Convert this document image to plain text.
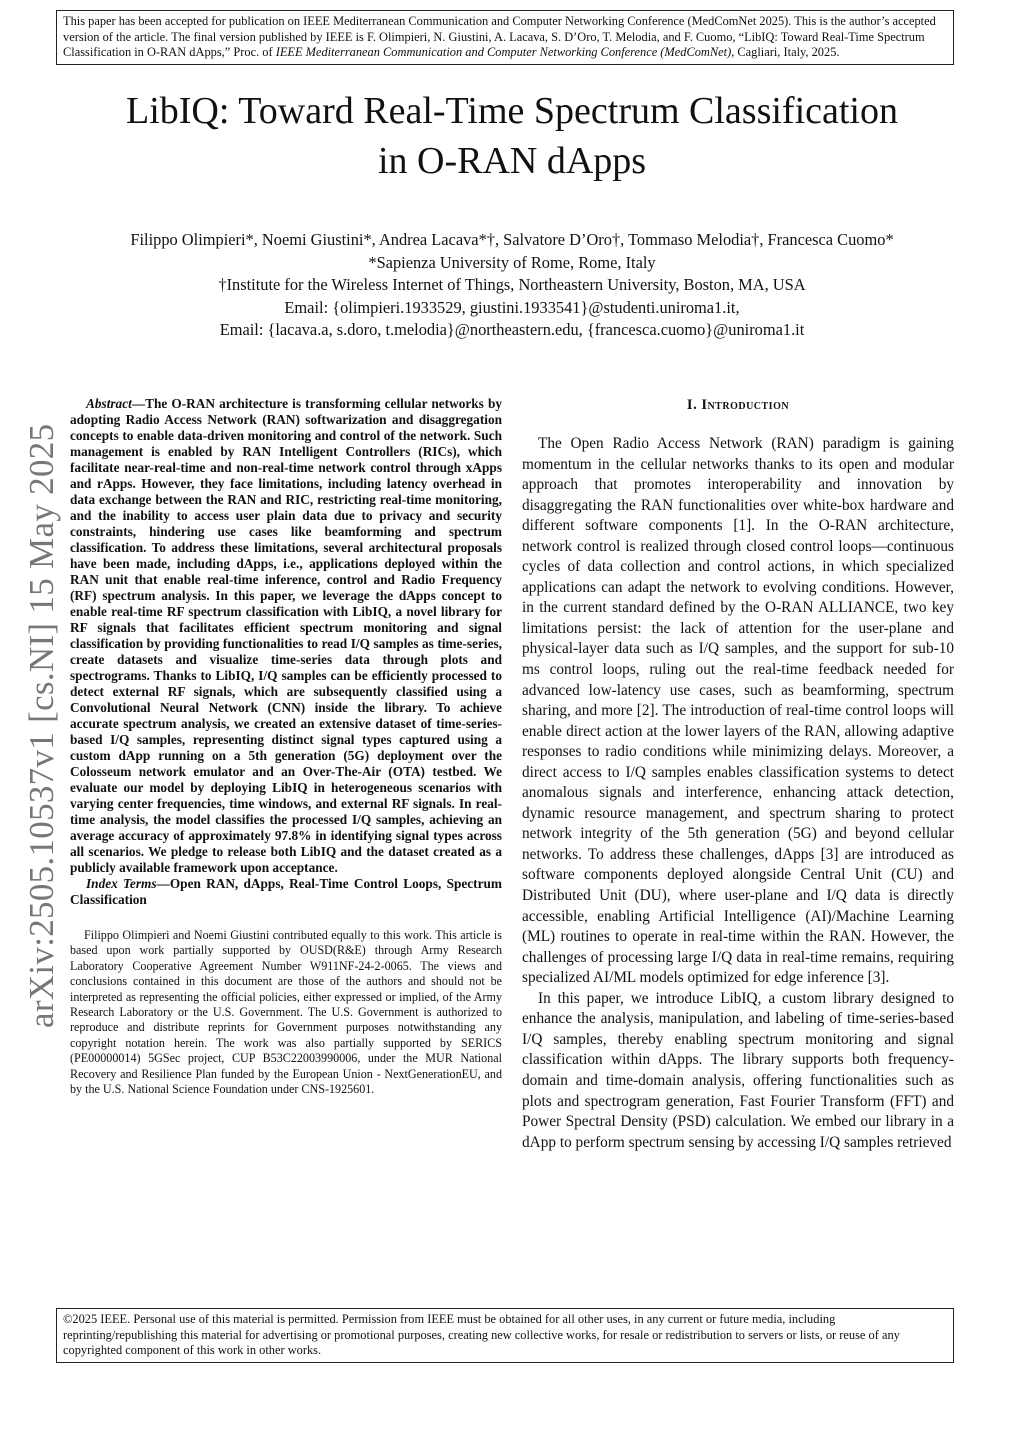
This paper has been accepted for publication on IEEE Mediterranean Communication and Computer Networking Conference (MedComNet 2025). This is the author’s accepted version of the article. The final version published by IEEE is F. Olimpieri, N. Giustini, A. Lacava, S. D’Oro, T. Melodia, and F. Cuomo, “LibIQ: Toward Real-Time Spectrum Classification in O-RAN dApps,” Proc. of IEEE Mediterranean Communication and Computer Networking Conference (MedComNet), Cagliari, Italy, 2025.
LibIQ: Toward Real-Time Spectrum Classification
in O-RAN dApps
Filippo Olimpieri*, Noemi Giustini*, Andrea Lacava*†, Salvatore D’Oro†, Tommaso Melodia†, Francesca Cuomo*
*Sapienza University of Rome, Rome, Italy
†Institute for the Wireless Internet of Things, Northeastern University, Boston, MA, USA
Email: {olimpieri.1933529, giustini.1933541}@studenti.uniroma1.it,
Email: {lacava.a, s.doro, t.melodia}@northeastern.edu, {francesca.cuomo}@uniroma1.it
arXiv:2505.10537v1 [cs.NI] 15 May 2025

Abstract—The O-RAN architecture is transforming cellular networks by adopting Radio Access Network (RAN) softwarization and disaggregation concepts to enable data-driven monitoring and control of the network. Such management is enabled by RAN Intelligent Controllers (RICs), which facilitate near-real-time and non-real-time network control through xApps and rApps. However, they face limitations, including latency overhead in data exchange between the RAN and RIC, restricting real-time monitoring, and the inability to access user plain data due to privacy and security constraints, hindering use cases like beamforming and spectrum classification. To address these limitations, several architectural proposals have been made, including dApps, i.e., applications deployed within the RAN unit that enable real-time inference, control and Radio Frequency (RF) spectrum analysis. In this paper, we leverage the dApps concept to enable real-time RF spectrum classification with LibIQ, a novel library for RF signals that facilitates efficient spectrum monitoring and signal classification by providing functionalities to read I/Q samples as time-series, create datasets and visualize time-series data through plots and spectrograms. Thanks to LibIQ, I/Q samples can be efficiently processed to detect external RF signals, which are subsequently classified using a Convolutional Neural Network (CNN) inside the library. To achieve accurate spectrum analysis, we created an extensive dataset of time-series-based I/Q samples, representing distinct signal types captured using a custom dApp running on a 5th generation (5G) deployment over the Colosseum network emulator and an Over-The-Air (OTA) testbed. We evaluate our model by deploying LibIQ in heterogeneous scenarios with varying center frequencies, time windows, and external RF signals. In real-time analysis, the model classifies the processed I/Q samples, achieving an average accuracy of approximately 97.8% in identifying signal types across all scenarios. We pledge to release both LibIQ and the dataset created as a publicly available framework upon acceptance.

Index Terms—Open RAN, dApps, Real-Time Control Loops, Spectrum Classification

Filippo Olimpieri and Noemi Giustini contributed equally to this work. This article is based upon work partially supported by OUSD(R&E) through Army Research Laboratory Cooperative Agreement Number W911NF-24-2-0065. The views and conclusions contained in this document are those of the authors and should not be interpreted as representing the official policies, either expressed or implied, of the Army Research Laboratory or the U.S. Government. The U.S. Government is authorized to reproduce and distribute reprints for Government purposes notwithstanding any copyright notation herein. The work was also partially supported by SERICS (PE00000014) 5GSec project, CUP B53C22003990006, under the MUR National Recovery and Resilience Plan funded by the European Union - NextGenerationEU, and by the U.S. National Science Foundation under CNS-1925601.

I. Introduction

The Open Radio Access Network (RAN) paradigm is gaining momentum in the cellular networks thanks to its open and modular approach that promotes interoperability and innovation by disaggregating the RAN functionalities over white-box hardware and different software components [1]. In the O-RAN architecture, network control is realized through closed control loops—continuous cycles of data collection and control actions, in which specialized applications can adapt the network to evolving conditions. However, in the current standard defined by the O-RAN ALLIANCE, two key limitations persist: the lack of attention for the user-plane and physical-layer data such as I/Q samples, and the support for sub-10 ms control loops, ruling out the real-time feedback needed for advanced low-latency use cases, such as beamforming, spectrum sharing, and more [2]. The introduction of real-time control loops will enable direct action at the lower layers of the RAN, allowing adaptive responses to radio conditions while minimizing delays. Moreover, a direct access to I/Q samples enables classification systems to detect anomalous signals and interference, enhancing attack detection, dynamic resource management, and spectrum sharing to protect network integrity of the 5th generation (5G) and beyond cellular networks. To address these challenges, dApps [3] are introduced as software components deployed alongside Central Unit (CU) and Distributed Unit (DU), where user-plane and I/Q data is directly accessible, enabling Artificial Intelligence (AI)/Machine Learning (ML) routines to operate in real-time within the RAN. However, the challenges of processing large I/Q data in real-time remains, requiring specialized AI/ML models optimized for edge inference [3].

In this paper, we introduce LibIQ, a custom library designed to enhance the analysis, manipulation, and labeling of time-series-based I/Q samples, thereby enabling spectrum monitoring and signal classification within dApps. The library supports both frequency-domain and time-domain analysis, offering functionalities such as plots and spectrogram generation, Fast Fourier Transform (FFT) and Power Spectral Density (PSD) calculation. We embed our library in a dApp to perform spectrum sensing by accessing I/Q samples retrieved

©2025 IEEE. Personal use of this material is permitted. Permission from IEEE must be obtained for all other uses, in any current or future media, including reprinting/republishing this material for advertising or promotional purposes, creating new collective works, for resale or redistribution to servers or lists, or reuse of any copyrighted component of this work in other works.
